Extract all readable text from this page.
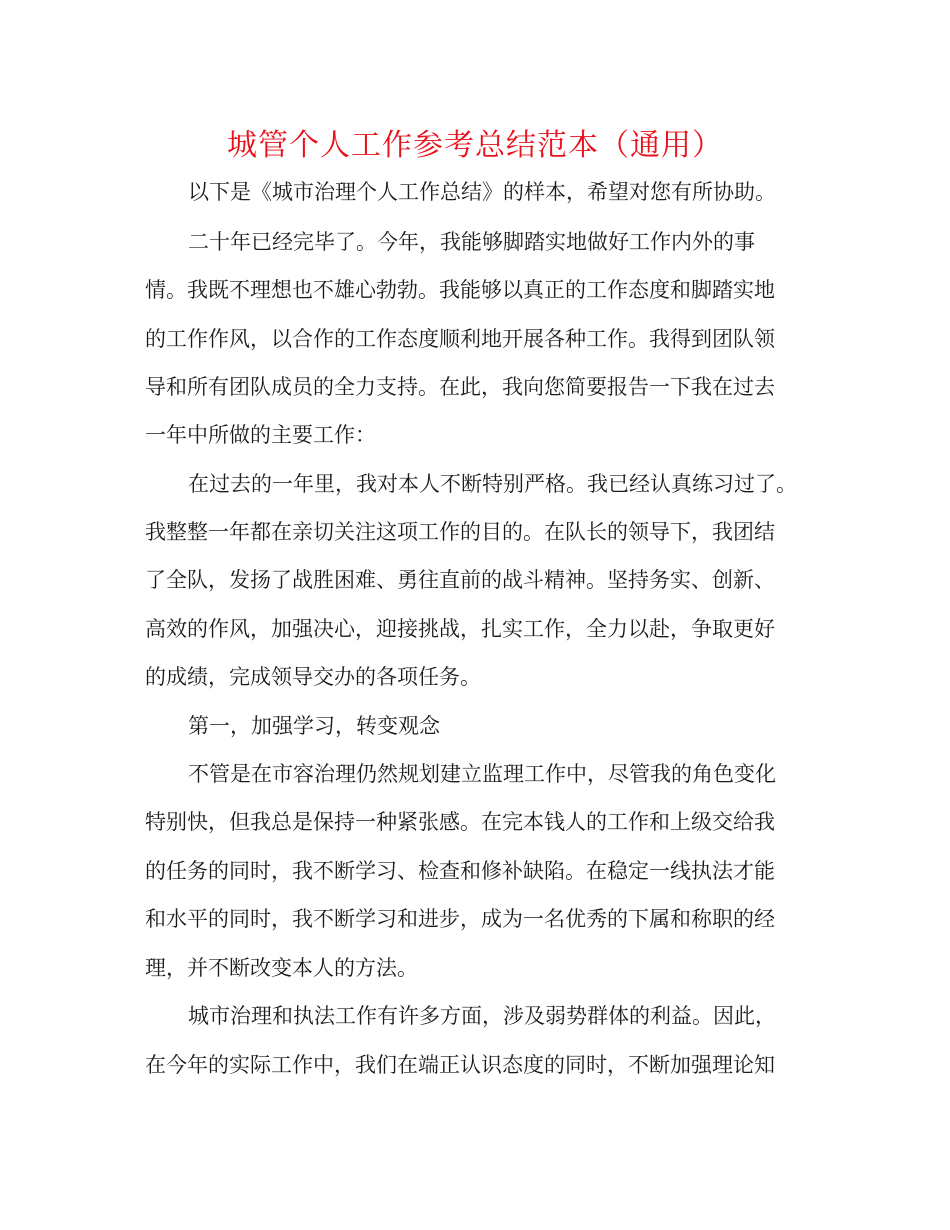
城管个人工作参考总结范本（通用）
以下是《城市治理个人工作总结》的样本，希望对您有所协助。
二十年已经完毕了。今年，我能够脚踏实地做好工作内外的事
情。我既不理想也不雄心勃勃。我能够以真正的工作态度和脚踏实地
的工作作风，以合作的工作态度顺利地开展各种工作。我得到团队领
导和所有团队成员的全力支持。在此，我向您简要报告一下我在过去
一年中所做的主要工作：
在过去的一年里，我对本人不断特别严格。我已经认真练习过了。
我整整一年都在亲切关注这项工作的目的。在队长的领导下，我团结
了全队，发扬了战胜困难、勇往直前的战斗精神。坚持务实、创新、
高效的作风，加强决心，迎接挑战，扎实工作，全力以赴，争取更好
的成绩，完成领导交办的各项任务。
第一，加强学习，转变观念
不管是在市容治理仍然规划建立监理工作中，尽管我的角色变化
特别快，但我总是保持一种紧张感。在完本钱人的工作和上级交给我
的任务的同时，我不断学习、检查和修补缺陷。在稳定一线执法才能
和水平的同时，我不断学习和进步，成为一名优秀的下属和称职的经
理，并不断改变本人的方法。
城市治理和执法工作有许多方面，涉及弱势群体的利益。因此，
在今年的实际工作中，我们在端正认识态度的同时，不断加强理论知
